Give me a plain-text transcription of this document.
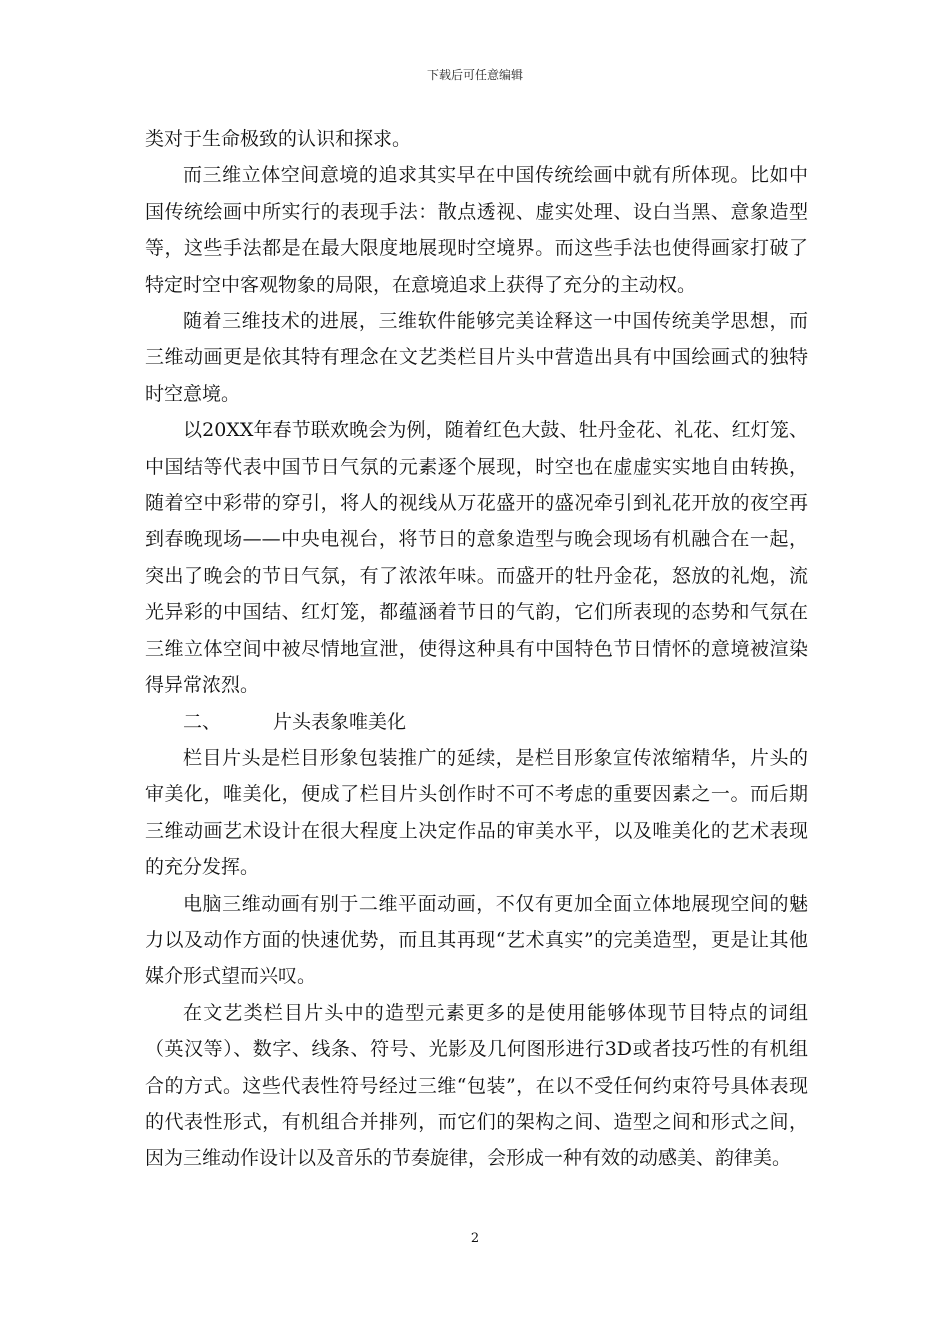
下载后可任意编辑

类对于生命极致的认识和探求。

而三维立体空间意境的追求其实早在中国传统绘画中就有所体现。比如中国传统绘画中所实行的表现手法：散点透视、虚实处理、设白当黑、意象造型等，这些手法都是在最大限度地展现时空境界。而这些手法也使得画家打破了特定时空中客观物象的局限，在意境追求上获得了充分的主动权。

随着三维技术的进展，三维软件能够完美诠释这一中国传统美学思想，而三维动画更是依其特有理念在文艺类栏目片头中营造出具有中国绘画式的独特时空意境。

以20XX年春节联欢晚会为例，随着红色大鼓、牡丹金花、礼花、红灯笼、中国结等代表中国节日气氛的元素逐个展现，时空也在虚虚实实地自由转换，随着空中彩带的穿引，将人的视线从万花盛开的盛况牵引到礼花开放的夜空再到春晚现场——中央电视台，将节日的意象造型与晚会现场有机融合在一起，突出了晚会的节日气氛，有了浓浓年味。而盛开的牡丹金花，怒放的礼炮，流光异彩的中国结、红灯笼，都蕴涵着节日的气韵，它们所表现的态势和气氛在三维立体空间中被尽情地宣泄，使得这种具有中国特色节日情怀的意境被渲染得异常浓烈。

二、	片头表象唯美化

栏目片头是栏目形象包装推广的延续，是栏目形象宣传浓缩精华，片头的审美化，唯美化，便成了栏目片头创作时不可不考虑的重要因素之一。而后期三维动画艺术设计在很大程度上决定作品的审美水平，以及唯美化的艺术表现的充分发挥。

电脑三维动画有别于二维平面动画，不仅有更加全面立体地展现空间的魅力以及动作方面的快速优势，而且其再现“艺术真实”的完美造型，更是让其他媒介形式望而兴叹。

在文艺类栏目片头中的造型元素更多的是使用能够体现节目特点的词组（英汉等）、数字、线条、符号、光影及几何图形进行3D或者技巧性的有机组合的方式。这些代表性符号经过三维“包装”，在以不受任何约束符号具体表现的代表性形式，有机组合并排列，而它们的架构之间、造型之间和形式之间，因为三维动作设计以及音乐的节奏旋律，会形成一种有效的动感美、韵律美。

2
